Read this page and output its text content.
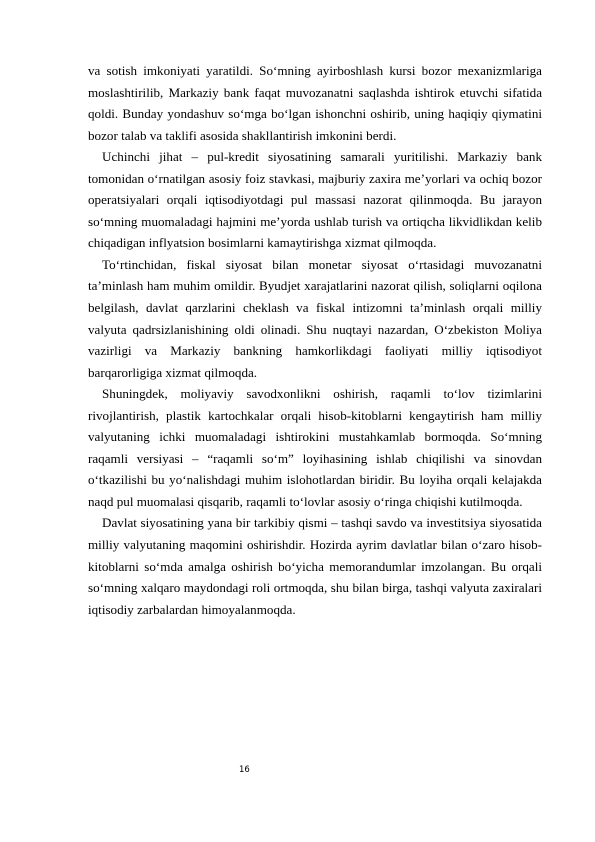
va sotish imkoniyati yaratildi. So‘mning ayirboshlash kursi bozor mexanizmlariga moslashtirilib, Markaziy bank faqat muvozanatni saqlashda ishtirok etuvchi sifatida qoldi. Bunday yondashuv so‘mga bo‘lgan ishonchni oshirib, uning haqiqiy qiymatini bozor talab va taklifi asosida shakllantirish imkonini berdi.

Uchinchi jihat – pul-kredit siyosatining samarali yuritilishi. Markaziy bank tomonidan o‘rnatilgan asosiy foiz stavkasi, majburiy zaxira me’yorlari va ochiq bozor operatsiyalari orqali iqtisodiyotdagi pul massasi nazorat qilinmoqda. Bu jarayon so‘mning muomaladagi hajmini me’yorda ushlab turish va ortiqcha likvidlikdan kelib chiqadigan inflyatsion bosimlarni kamaytirishga xizmat qilmoqda.

To‘rtinchidan, fiskal siyosat bilan monetar siyosat o‘rtasidagi muvozanatni ta’minlash ham muhim omildir. Byudjet xarajatlarini nazorat qilish, soliqlarni oqilona belgilash, davlat qarzlarini cheklash va fiskal intizomni ta’minlash orqali milliy valyuta qadrsizlanishining oldi olinadi. Shu nuqtayi nazardan, O‘zbekiston Moliya vazirligi va Markaziy bankning hamkorlikdagi faoliyati milliy iqtisodiyot barqarorligiga xizmat qilmoqda.

Shuningdek, moliyaviy savodxonlikni oshirish, raqamli to‘lov tizimlarini rivojlantirish, plastik kartochkalar orqali hisob-kitoblarni kengaytirish ham milliy valyutaning ichki muomaladagi ishtirokini mustahkamlab bormoqda. So‘mning raqamli versiyasi – “raqamli so‘m” loyihasining ishlab chiqilishi va sinovdan o‘tkazilishi bu yo‘nalishdagi muhim islohotlardan biridir. Bu loyiha orqali kelajakda naqd pul muomalasi qisqarib, raqamli to‘lovlar asosiy o‘ringa chiqishi kutilmoqda.

Davlat siyosatining yana bir tarkibiy qismi – tashqi savdo va investitsiya siyosatida milliy valyutaning maqomini oshirishdir. Hozirda ayrim davlatlar bilan o‘zaro hisob-kitoblarni so‘mda amalga oshirish bo‘yicha memorandumlar imzolangan. Bu orqali so‘mning xalqaro maydondagi roli ortmoqda, shu bilan birga, tashqi valyuta zaxiralari iqtisodiy zarbalardan himoyalanmoqda.

16
